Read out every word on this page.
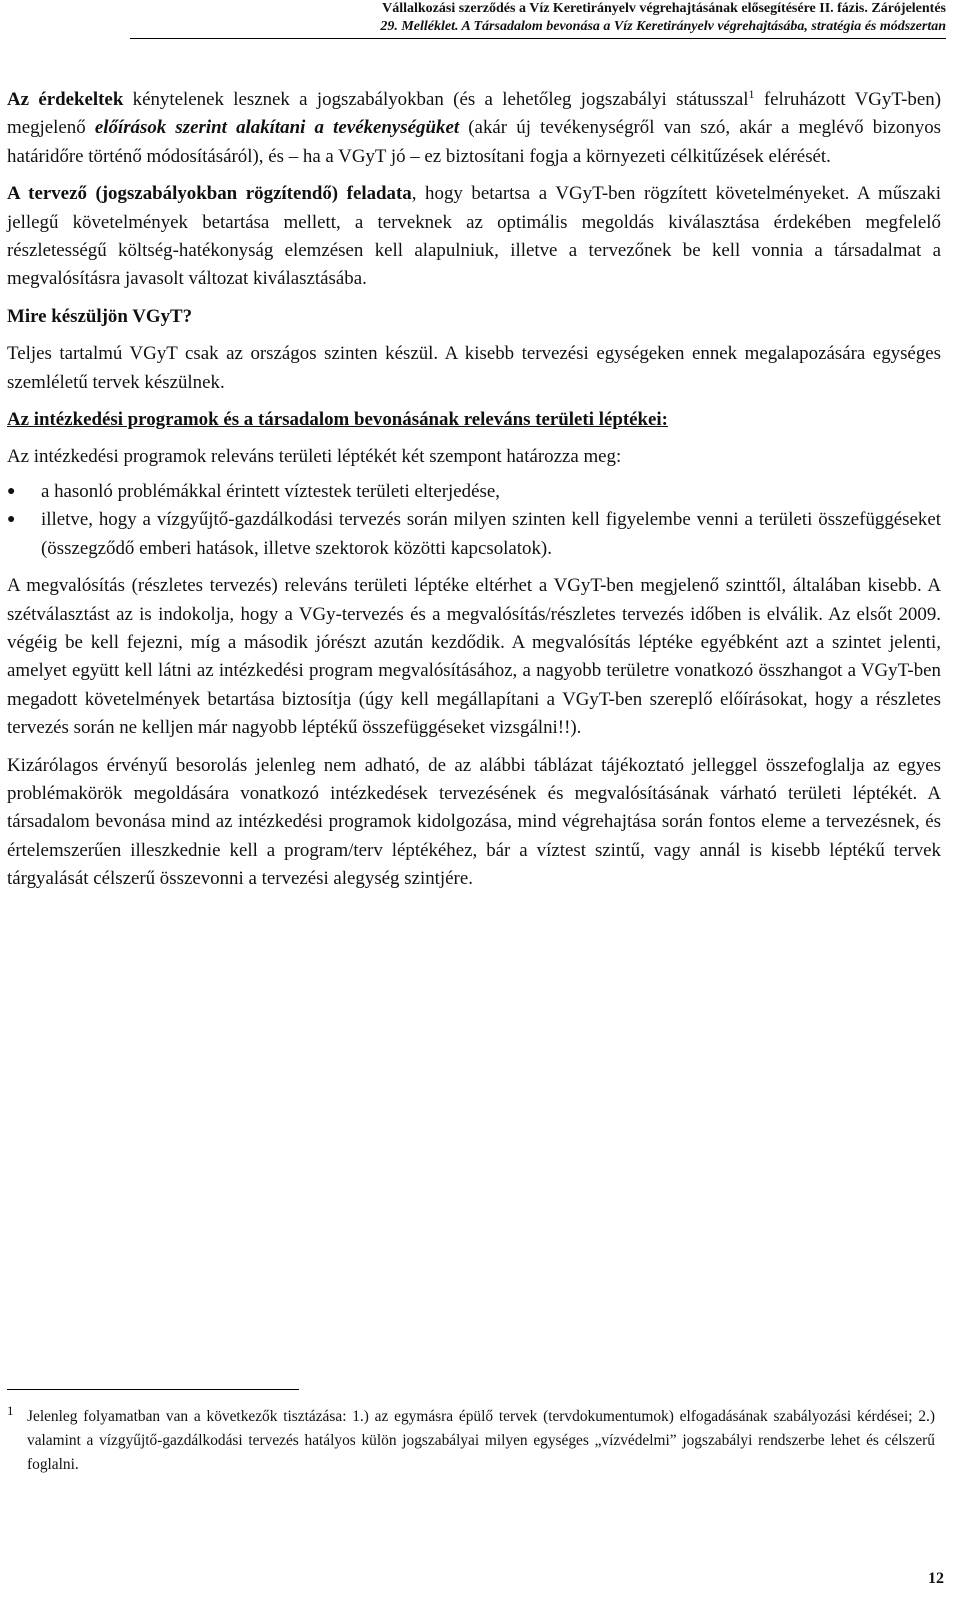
Vállalkozási szerződés a Víz Keretirányelv végrehajtásának elősegítésére II. fázis. Zárójelentés
29. Melléklet. A Társadalom bevonása a Víz Keretirányelv végrehajtásába, stratégia és módszertan

Az érdekeltek kénytelenek lesznek a jogszabályokban (és a lehetőleg jogszabályi státusszal$^1$ felruházott VGyT-ben) megjelenő előírások szerint alakítani a tevékenységüket (akár új tevékenységről van szó, akár a meglévő bizonyos határidőre történő módosításáról), és – ha a VGyT jó – ez biztosítani fogja a környezeti célkitűzések elérését.

A tervező (jogszabályokban rögzítendő) feladata, hogy betartsa a VGyT-ben rögzített követelményeket. A műszaki jellegű követelmények betartása mellett, a terveknek az optimális megoldás kiválasztása érdekében megfelelő részletességű költség-hatékonyság elemzésen kell alapulniuk, illetve a tervezőnek be kell vonnia a társadalmat a megvalósításra javasolt változat kiválasztásába.

Mire készüljön VGyT?

Teljes tartalmú VGyT csak az országos szinten készül. A kisebb tervezési egységeken ennek megalapozására egységes szemléletű tervek készülnek.

Az intézkedési programok és a társadalom bevonásának releváns területi léptékei:

Az intézkedési programok releváns területi léptékét két szempont határozza meg:

● a hasonló problémákkal érintett víztestek területi elterjedése,
● illetve, hogy a vízgyűjtő-gazdálkodási tervezés során milyen szinten kell figyelembe venni a területi összefüggéseket (összegződő emberi hatások, illetve szektorok közötti kapcsolatok).

A megvalósítás (részletes tervezés) releváns területi léptéke eltérhet a VGyT-ben megjelenő szinttől, általában kisebb. A szétválasztást az is indokolja, hogy a VGy-tervezés és a megvalósítás/részletes tervezés időben is elválik. Az elsőt 2009. végéig be kell fejezni, míg a második jórészt azután kezdődik. A megvalósítás léptéke egyébként azt a szintet jelenti, amelyet együtt kell látni az intézkedési program megvalósításához, a nagyobb területre vonatkozó összhangot a VGyT-ben megadott követelmények betartása biztosítja (úgy kell megállapítani a VGyT-ben szereplő előírásokat, hogy a részletes tervezés során ne kelljen már nagyobb léptékű összefüggéseket vizsgálni!!).

Kizárólagos érvényű besorolás jelenleg nem adható, de az alábbi táblázat tájékoztató jelleggel összefoglalja az egyes problémakörök megoldására vonatkozó intézkedések tervezésének és megvalósításának várható területi léptékét. A társadalom bevonása mind az intézkedési programok kidolgozása, mind végrehajtása során fontos eleme a tervezésnek, és értelemszerűen illeszkednie kell a program/terv léptékéhez, bár a víztest szintű, vagy annál is kisebb léptékű tervek tárgyalását célszerű összevonni a tervezési alegység szintjére.

1 Jelenleg folyamatban van a következők tisztázása: 1.) az egymásra épülő tervek (tervdokumentumok) elfogadásának szabályozási kérdései; 2.) valamint a vízgyűjtő-gazdálkodási tervezés hatályos külön jogszabályai milyen egységes „vízvédelmi” jogszabályi rendszerbe lehet és célszerű foglalni.
12
